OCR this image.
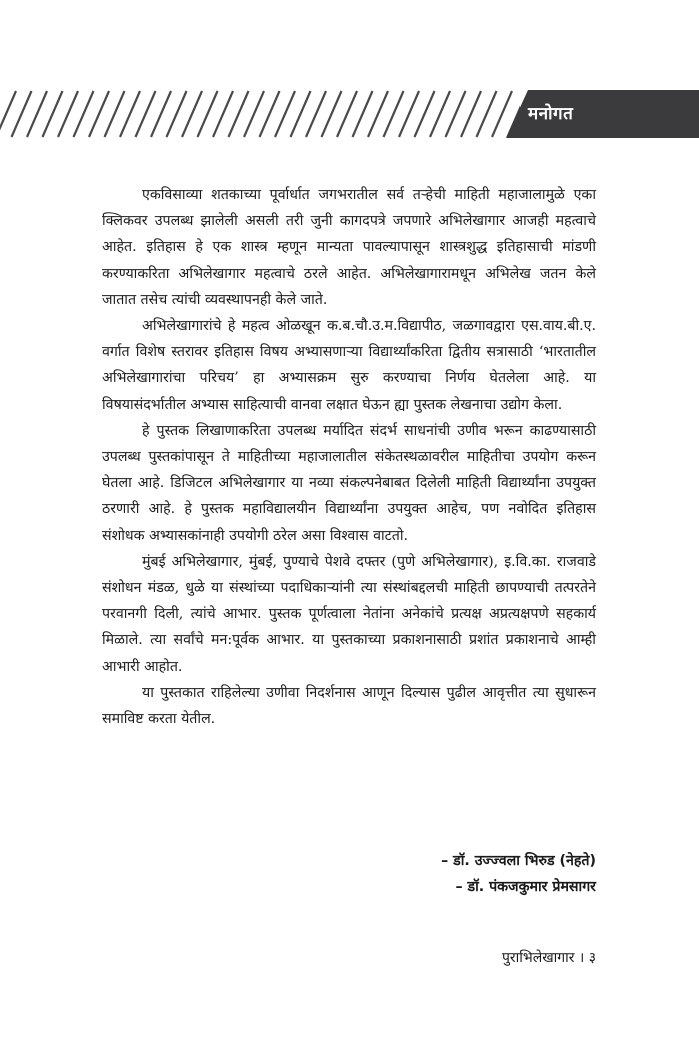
मनोगत

एकविसाव्या शतकाच्या पूर्वार्धात जगभरातील सर्व तऱ्हेची माहिती महाजालामुळे एका क्लिकवर उपलब्ध झालेली असली तरी जुनी कागदपत्रे जपणारे अभिलेखागार आजही महत्वाचे आहेत. इतिहास हे एक शास्त्र म्हणून मान्यता पावल्यापासून शास्त्रशुद्ध इतिहासाची मांडणी करण्याकरिता अभिलेखागार महत्वाचे ठरले आहेत. अभिलेखागारामधून अभिलेख जतन केले जातात तसेच त्यांची व्यवस्थापनही केले जाते.

अभिलेखागारांचे हे महत्व ओळखून क.ब.चौ.उ.म.विद्यापीठ, जळगावद्वारा एस.वाय.बी.ए. वर्गात विशेष स्तरावर इतिहास विषय अभ्यासणाऱ्या विद्यार्थ्यांकरिता द्वितीय सत्रासाठी ‘भारतातील अभिलेखागारांचा परिचय’ हा अभ्यासक्रम सुरु करण्याचा निर्णय घेतलेला आहे. या विषयासंदर्भातील अभ्यास साहित्याची वानवा लक्षात घेऊन ह्या पुस्तक लेखनाचा उद्योग केला.

हे पुस्तक लिखाणाकरिता उपलब्ध मर्यादित संदर्भ साधनांची उणीव भरून काढण्यासाठी उपलब्ध पुस्तकांपासून ते माहितीच्या महाजालातील संकेतस्थळावरील माहितीचा उपयोग करून घेतला आहे. डिजिटल अभिलेखागार या नव्या संकल्पनेबाबत दिलेली माहिती विद्यार्थ्यांना उपयुक्त ठरणारी आहे. हे पुस्तक महाविद्यालयीन विद्यार्थ्यांना उपयुक्त आहेच, पण नवोदित इतिहास संशोधक अभ्यासकांनाही उपयोगी ठरेल असा विश्वास वाटतो.

मुंबई अभिलेखागार, मुंबई, पुण्याचे पेशवे दफ्तर (पुणे अभिलेखागार), इ.वि.का. राजवाडे संशोधन मंडळ, धुळे या संस्थांच्या पदाधिकाऱ्यांनी त्या संस्थांबद्दलची माहिती छापण्याची तत्परतेने परवानगी दिली, त्यांचे आभार. पुस्तक पूर्णत्वाला नेतांना अनेकांचे प्रत्यक्ष अप्रत्यक्षपणे सहकार्य मिळाले. त्या सर्वांचे मन:पूर्वक आभार. या पुस्तकाच्या प्रकाशनासाठी प्रशांत प्रकाशनाचे आम्ही आभारी आहोत.

या पुस्तकात राहिलेल्या उणीवा निदर्शनास आणून दिल्यास पुढील आवृत्तीत त्या सुधारून समाविष्ट करता येतील.

– डॉ. उज्ज्वला भिरुड (नेहते)
– डॉ. पंकजकुमार प्रेमसागर
पुराभिलेखागार । ३
